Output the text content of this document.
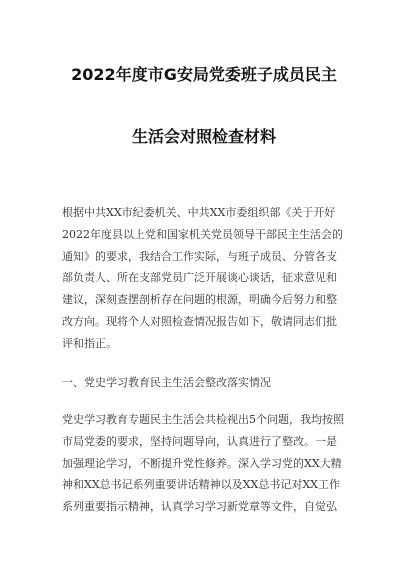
2022年度市G安局党委班子成员民主
生活会对照检查材料
根据中共XX市纪委机关、中共XX市委组织部《关于开好
2022年度县以上党和国家机关党员领导干部民主生活会的
通知》的要求，我结合工作实际，与班子成员、分管各支
部负责人、所在支部党员广泛开展谈心谈话，征求意见和
建议，深刻查摆剖析存在问题的根源，明确今后努力和整
改方向。现将个人对照检查情况报告如下，敬请同志们批
评和指正。
一、党史学习教育民主生活会整改落实情况
党史学习教育专题民主生活会共检视出5个问题，我均按照
市局党委的要求，坚持问题导向，认真进行了整改。一是
加强理论学习，不断提升党性修养。深入学习党的XX大精
神和XX总书记系列重要讲话精神以及XX总书记对XX工作
系列重要指示精神，认真学习学习新党章等文件，自觉弘
